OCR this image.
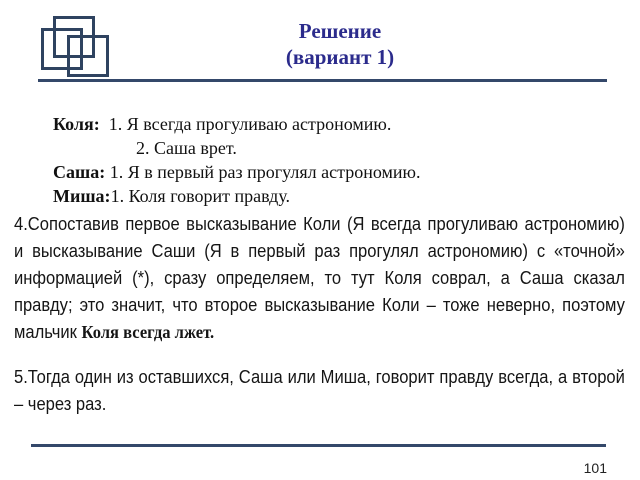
Решение
(вариант 1)
Коля: 1. Я всегда прогуливаю астрономию.
2. Саша врет.
Саша: 1. Я в первый раз прогулял астрономию.
Миша:1. Коля говорит правду.
4.Сопоставив первое высказывание Коли (Я всегда прогуливаю астрономию) и высказывание Саши (Я в первый раз прогулял астрономию) с «точной» информацией (*), сразу определяем, то тут Коля соврал, а Саша сказал правду; это значит, что второе высказывание Коли – тоже неверно, поэтому мальчик Коля всегда лжет.
5.Тогда один из оставшихся, Саша или Миша, говорит правду всегда, а второй – через раз.
101
